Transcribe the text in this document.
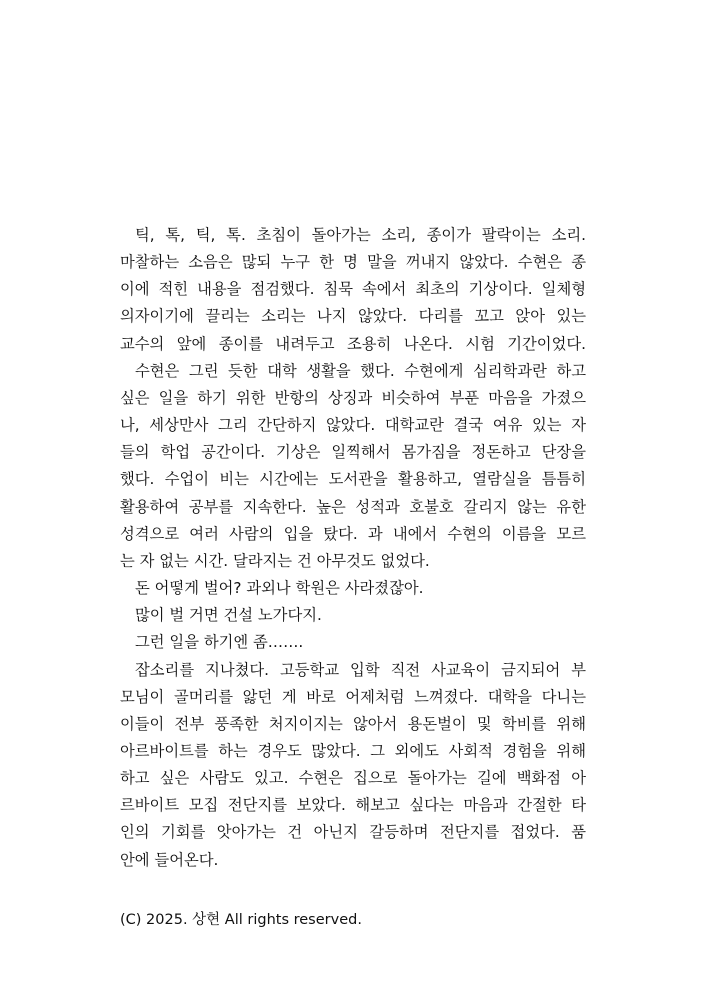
틱, 톡, 틱, 톡. 초침이 돌아가는 소리, 종이가 팔락이는 소리.
마찰하는 소음은 많되 누구 한 명 말을 꺼내지 않았다. 수현은 종
이에 적힌 내용을 점검했다. 침묵 속에서 최초의 기상이다. 일체형
의자이기에 끌리는 소리는 나지 않았다. 다리를 꼬고 앉아 있는
교수의 앞에 종이를 내려두고 조용히 나온다. 시험 기간이었다.
수현은 그린 듯한 대학 생활을 했다. 수현에게 심리학과란 하고
싶은 일을 하기 위한 반항의 상징과 비슷하여 부푼 마음을 가졌으
나, 세상만사 그리 간단하지 않았다. 대학교란 결국 여유 있는 자
들의 학업 공간이다. 기상은 일찍해서 몸가짐을 정돈하고 단장을
했다. 수업이 비는 시간에는 도서관을 활용하고, 열람실을 틈틈히
활용하여 공부를 지속한다. 높은 성적과 호불호 갈리지 않는 유한
성격으로 여러 사람의 입을 탔다. 과 내에서 수현의 이름을 모르
는 자 없는 시간. 달라지는 건 아무것도 없었다.
돈 어떻게 벌어? 과외나 학원은 사라졌잖아.
많이 벌 거면 건설 노가다지.
그런 일을 하기엔 좀…….
잡소리를 지나쳤다. 고등학교 입학 직전 사교육이 금지되어 부
모님이 골머리를 앓던 게 바로 어제처럼 느껴졌다. 대학을 다니는
이들이 전부 풍족한 처지이지는 않아서 용돈벌이 및 학비를 위해
아르바이트를 하는 경우도 많았다. 그 외에도 사회적 경험을 위해
하고 싶은 사람도 있고. 수현은 집으로 돌아가는 길에 백화점 아
르바이트 모집 전단지를 보았다. 해보고 싶다는 마음과 간절한 타
인의 기회를 앗아가는 건 아닌지 갈등하며 전단지를 접었다. 품
안에 들어온다.
(C) 2025. 상현 All rights reserved.
